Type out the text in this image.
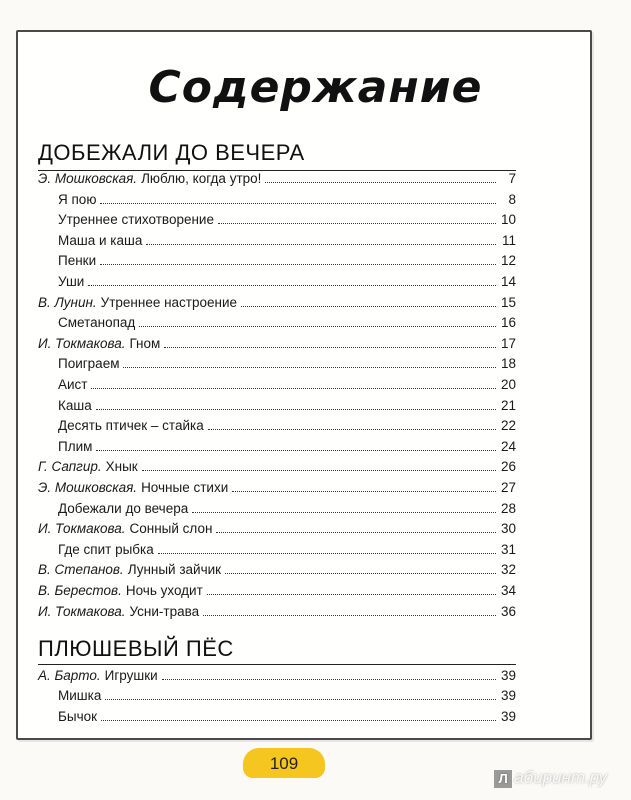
Содержание
ДОБЕЖАЛИ ДО ВЕЧЕРА
Э. Мошковская. Люблю, когда утро!	7
Я пою	8
Утреннее стихотворение	10
Маша и каша	11
Пенки	12
Уши	14
В. Лунин. Утреннее настроение	15
Сметанопад	16
И. Токмакова. Гном	17
Поиграем	18
Аист	20
Каша	21
Десять птичек – стайка	22
Плим	24
Г. Сапгир. Хнык	26
Э. Мошковская. Ночные стихи	27
Добежали до вечера	28
И. Токмакова. Сонный слон	30
Где спит рыбка	31
В. Степанов. Лунный зайчик	32
В. Берестов. Ночь уходит	34
И. Токмакова. Усни-трава	36
ПЛЮШЕВЫЙ ПЁС
А. Барто. Игрушки	39
Мишка	39
Бычок	39
109
Л абиринт.ру
